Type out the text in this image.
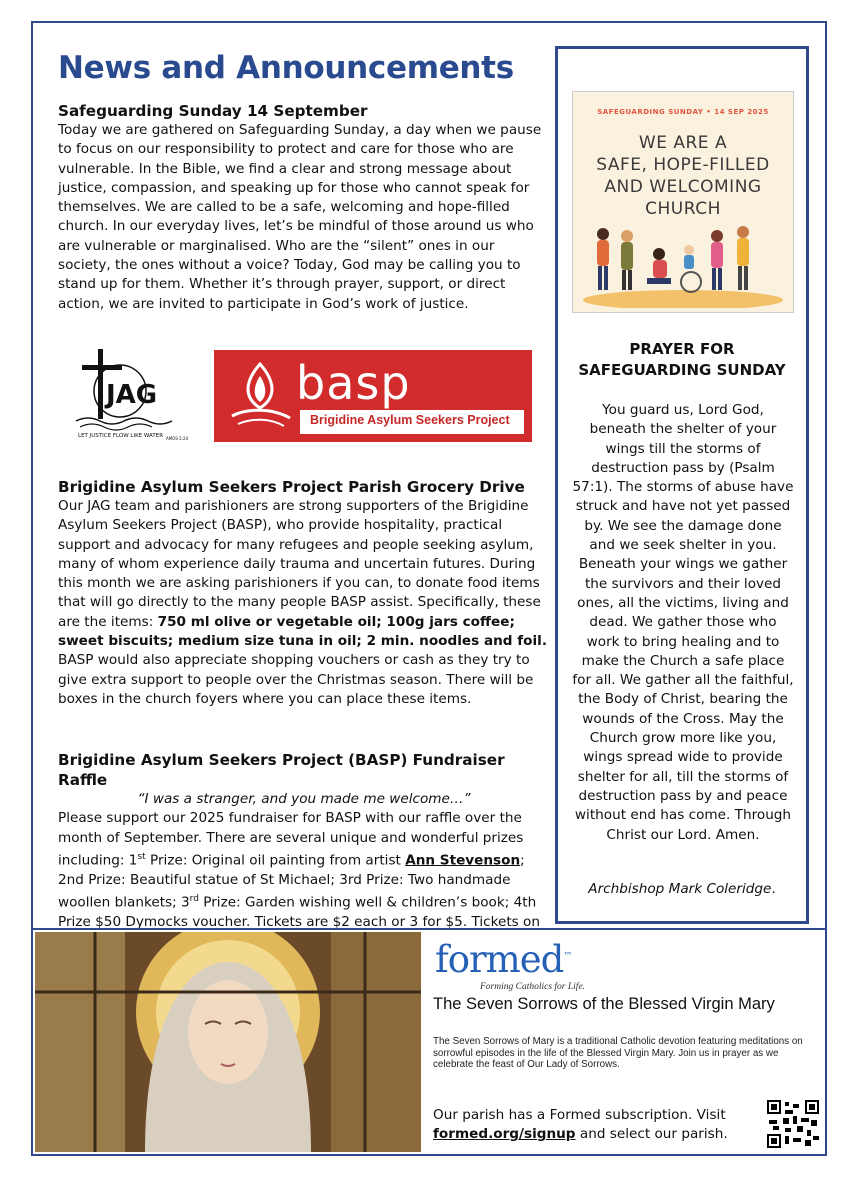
News and Announcements
Safeguarding Sunday 14 September

Today we are gathered on Safeguarding Sunday, a day when we pause to focus on our responsibility to protect and care for those who are vulnerable. In the Bible, we find a clear and strong message about justice, compassion, and speaking up for those who cannot speak for themselves. We are called to be a safe, welcoming and hope-filled church. In our everyday lives, let’s be mindful of those around us who are vulnerable or marginalised. Who are the “silent” ones in our society, the ones without a voice? Today, God may be calling you to stand up for them. Whether it’s through prayer, support, or direct action, we are invited to participate in God’s work of justice.

JAG
LET JUSTICE FLOW LIKE WATER AMOS 5:24
basp
Brigidine Asylum Seekers Project
Brigidine Asylum Seekers Project Parish Grocery Drive

Our JAG team and parishioners are strong supporters of the Brigidine Asylum Seekers Project (BASP), who provide hospitality, practical support and advocacy for many refugees and people seeking asylum, many of whom experience daily trauma and uncertain futures. During this month we are asking parishioners if you can, to donate food items that will go directly to the many people BASP assist. Specifically, these are the items: 750 ml olive or vegetable oil; 100g jars coffee; sweet biscuits; medium size tuna in oil; 2 min. noodles and foil. BASP would also appreciate shopping vouchers or cash as they try to give extra support to people over the Christmas season. There will be boxes in the church foyers where you can place these items.

Brigidine Asylum Seekers Project (BASP) Fundraiser Raffle

“I was a stranger, and you made me welcome…”

Please support our 2025 fundraiser for BASP with our raffle over the month of September. There are several unique and wonderful prizes including: 1st Prize: Original oil painting from artist Ann Stevenson; 2nd Prize: Beautiful statue of St Michael; 3rd Prize: Two handmade woollen blankets; 3rd Prize: Garden wishing well & children’s book; 4th Prize $50 Dymocks voucher. Tickets are $2 each or 3 for $5. Tickets on

SAFEGUARDING SUNDAY • 14 SEP 2025
WE ARE A
SAFE, HOPE-FILLED
AND WELCOMING
CHURCH
PRAYER FOR
SAFEGUARDING SUNDAY
You guard us, Lord God, beneath the shelter of your wings till the storms of destruction pass by (Psalm 57:1). The storms of abuse have struck and have not yet passed by. We see the damage done and we seek shelter in you. Beneath your wings we gather the survivors and their loved ones, all the victims, living and dead. We gather those who work to bring healing and to make the Church a safe place for all. We gather all the faithful, the Body of Christ, bearing the wounds of the Cross. May the Church grow more like you, wings spread wide to provide shelter for all, till the storms of destruction pass by and peace without end has come. Through Christ our Lord. Amen.
Archbishop Mark Coleridge.
formed™
Forming Catholics for Life.
The Seven Sorrows of the Blessed Virgin Mary
The Seven Sorrows of Mary is a traditional Catholic devotion featuring meditations on sorrowful episodes in the life of the Blessed Virgin Mary. Join us in prayer as we celebrate the feast of Our Lady of Sorrows.
Our parish has a Formed subscription. Visit formed.org/signup and select our parish.
